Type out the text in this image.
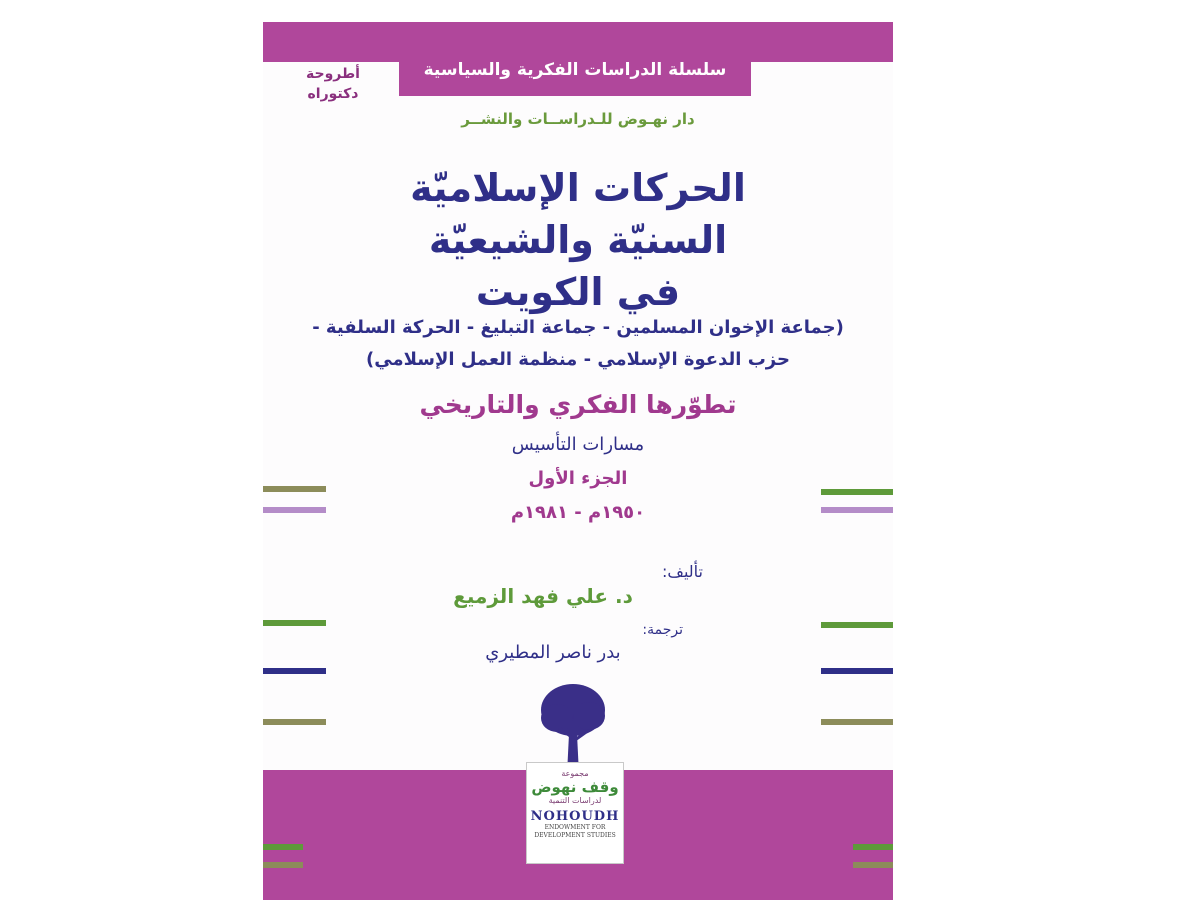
سلسلة الدراسات الفكرية والسياسية
أطروحة
دكتوراه
دار نهـوض للـدراســات والنشــر
الحركات الإسلاميّة
السنيّة والشيعيّة
في الكويت
(جماعة الإخوان المسلمين - جماعة التبليغ - الحركة السلفية -
حزب الدعوة الإسلامي - منظمة العمل الإسلامي)
تطوّرها الفكري والتاريخي
مسارات التأسيس
الجزء الأول
١٩٥٠م - ١٩٨١م
تأليف:
د. علي فهد الزميع
ترجمة:
بدر ناصر المطيري
مجموعة
وقف نهوض
لدراسات التنمية
NOHOUDH
ENDOWMENT FOR
DEVELOPMENT STUDIES
